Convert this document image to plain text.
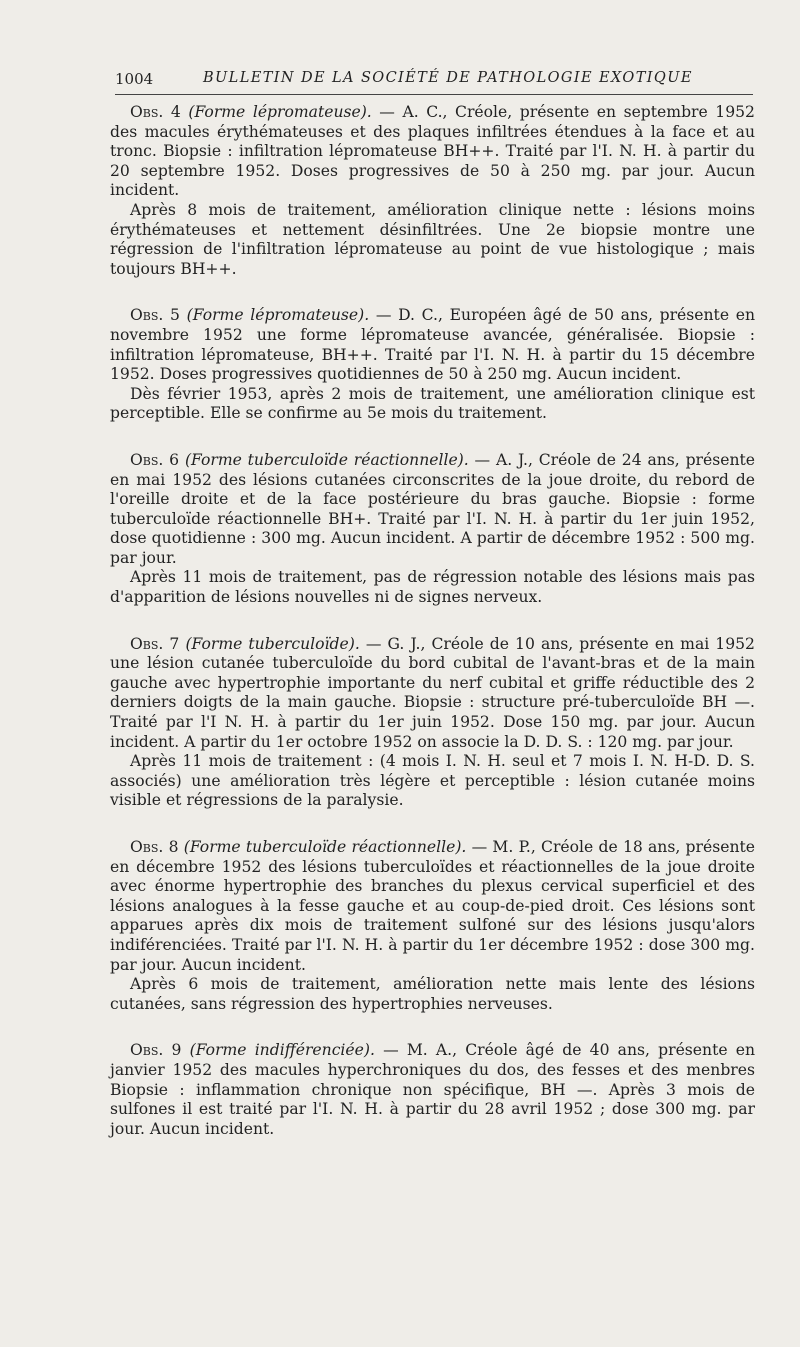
1004	BULLETIN DE LA SOCIÉTÉ DE PATHOLOGIE EXOTIQUE

Obs. 4 (Forme lépromateuse). — A. C., Créole, présente en septembre 1952 des macules érythémateuses et des plaques infiltrées étendues à la face et au tronc. Biopsie : infiltration lépromateuse BH++. Traité par l'I. N. H. à partir du 20 septembre 1952. Doses progressives de 50 à 250 mg. par jour. Aucun incident.

Après 8 mois de traitement, amélioration clinique nette : lésions moins érythémateuses et nettement désinfiltrées. Une 2e biopsie montre une régression de l'infiltration lépromateuse au point de vue histologique ; mais toujours BH++.

Obs. 5 (Forme lépromateuse). — D. C., Européen âgé de 50 ans, présente en novembre 1952 une forme lépromateuse avancée, généralisée. Biopsie : infiltration lépromateuse, BH++. Traité par l'I. N. H. à partir du 15 décembre 1952. Doses progressives quotidiennes de 50 à 250 mg. Aucun incident.

Dès février 1953, après 2 mois de traitement, une amélioration clinique est perceptible. Elle se confirme au 5e mois du traitement.

Obs. 6 (Forme tuberculoïde réactionnelle). — A. J., Créole de 24 ans, présente en mai 1952 des lésions cutanées circonscrites de la joue droite, du rebord de l'oreille droite et de la face postérieure du bras gauche. Biopsie : forme tuberculoïde réactionnelle BH+. Traité par l'I. N. H. à partir du 1er juin 1952, dose quotidienne : 300 mg. Aucun incident. A partir de décembre 1952 : 500 mg. par jour.

Après 11 mois de traitement, pas de régression notable des lésions mais pas d'apparition de lésions nouvelles ni de signes nerveux.

Obs. 7 (Forme tuberculoïde). — G. J., Créole de 10 ans, présente en mai 1952 une lésion cutanée tuberculoïde du bord cubital de l'avant-bras et de la main gauche avec hypertrophie importante du nerf cubital et griffe réductible des 2 derniers doigts de la main gauche. Biopsie : structure pré-tuberculoïde BH —. Traité par l'I N. H. à partir du 1er juin 1952. Dose 150 mg. par jour. Aucun incident. A partir du 1er octobre 1952 on associe la D. D. S. : 120 mg. par jour.

Après 11 mois de traitement : (4 mois I. N. H. seul et 7 mois I. N. H-D. D. S. associés) une amélioration très légère et perceptible : lésion cutanée moins visible et régressions de la paralysie.

Obs. 8 (Forme tuberculoïde réactionnelle). — M. P., Créole de 18 ans, présente en décembre 1952 des lésions tuberculoïdes et réactionnelles de la joue droite avec énorme hypertrophie des branches du plexus cervical superficiel et des lésions analogues à la fesse gauche et au coup-de-pied droit. Ces lésions sont apparues après dix mois de traitement sulfoné sur des lésions jusqu'alors indiférenciées. Traité par l'I. N. H. à partir du 1er décembre 1952 : dose 300 mg. par jour. Aucun incident.

Après 6 mois de traitement, amélioration nette mais lente des lésions cutanées, sans régression des hypertrophies nerveuses.

Obs. 9 (Forme indifférenciée). — M. A., Créole âgé de 40 ans, présente en janvier 1952 des macules hyperchroniques du dos, des fesses et des menbres Biopsie : inflammation chronique non spécifique, BH —. Après 3 mois de sulfones il est traité par l'I. N. H. à partir du 28 avril 1952 ; dose 300 mg. par jour. Aucun incident.
